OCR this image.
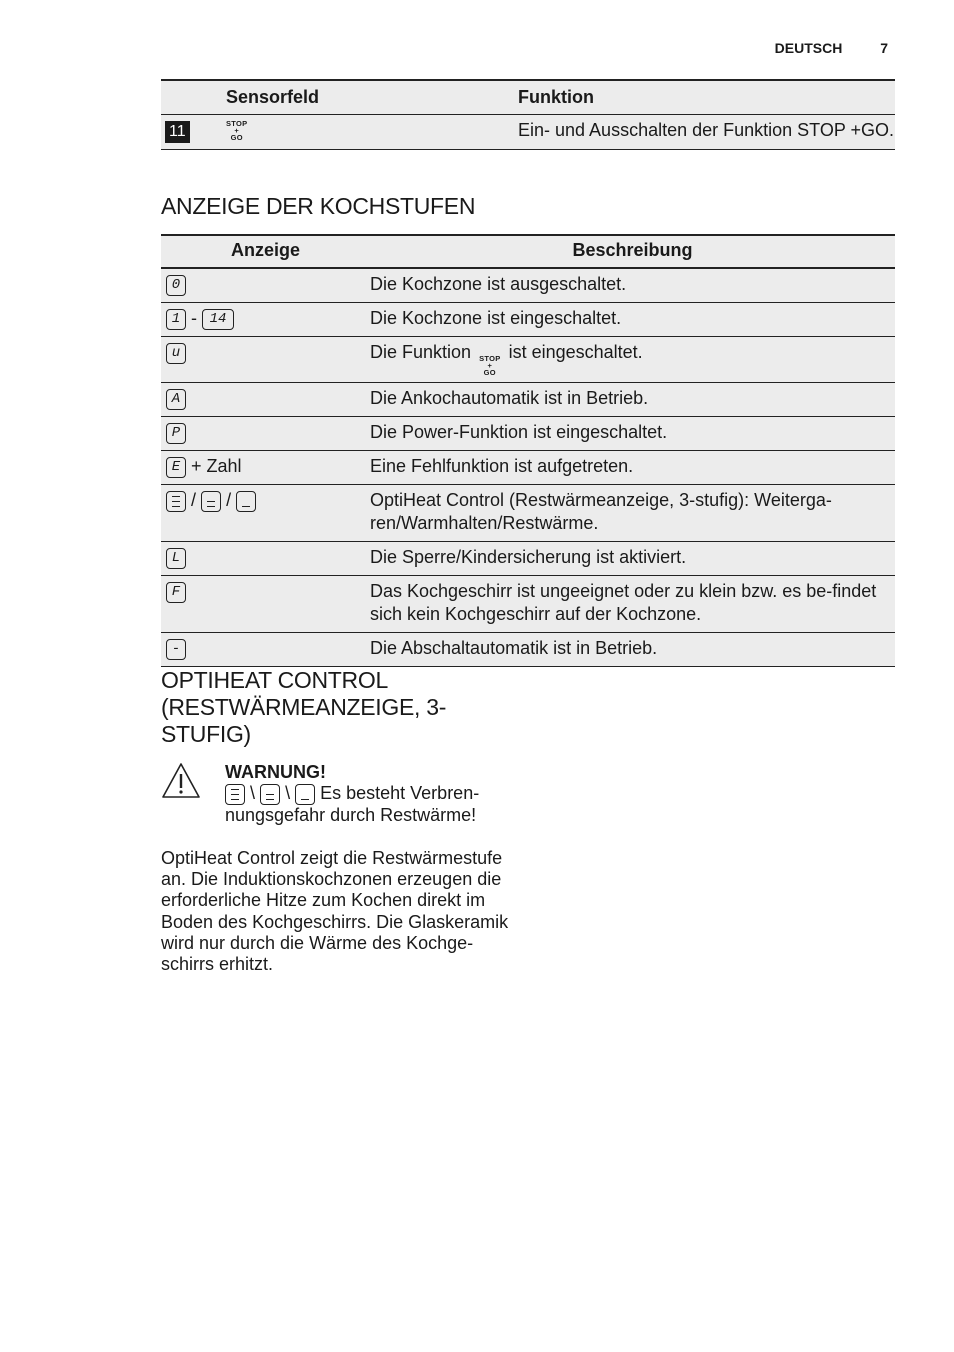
DEUTSCH	7
	Sensorfeld	Funktion
11	STOP
+
GO	Ein- und Ausschalten der Funktion STOP +GO.
ANZEIGE DER KOCHSTUFEN
Anzeige	Beschreibung
0	Die Kochzone ist ausgeschaltet.
1 - 14	Die Kochzone ist eingeschaltet.
u	Die Funktion STOP
+
GO
ist eingeschaltet.
A	Die Ankochautomatik ist in Betrieb.
P	Die Power-Funktion ist eingeschaltet.
E + Zahl	Eine Fehlfunktion ist aufgetreten.

/ /	OptiHeat Control (Restwärmeanzeige, 3-stufig): Weiterga-ren/Warmhalten/Restwärme.
L	Die Sperre/Kindersicherung ist aktiviert.
F	Das Kochgeschirr ist ungeeignet oder zu klein bzw. es be-findet sich kein Kochgeschirr auf der Kochzone.
-	Die Abschaltautomatik ist in Betrieb.
OPTIHEAT CONTROL (RESTWÄRMEANZEIGE, 3-STUFIG)
WARNUNG!
\ \ Es besteht Verbren-nungsgefahr durch Restwärme!
OptiHeat Control zeigt die Restwärmestufe an. Die Induktionskochzonen erzeugen die erforderliche Hitze zum Kochen direkt im Boden des Kochgeschirrs. Die Glaskeramik wird nur durch die Wärme des Kochge-schirrs erhitzt.
